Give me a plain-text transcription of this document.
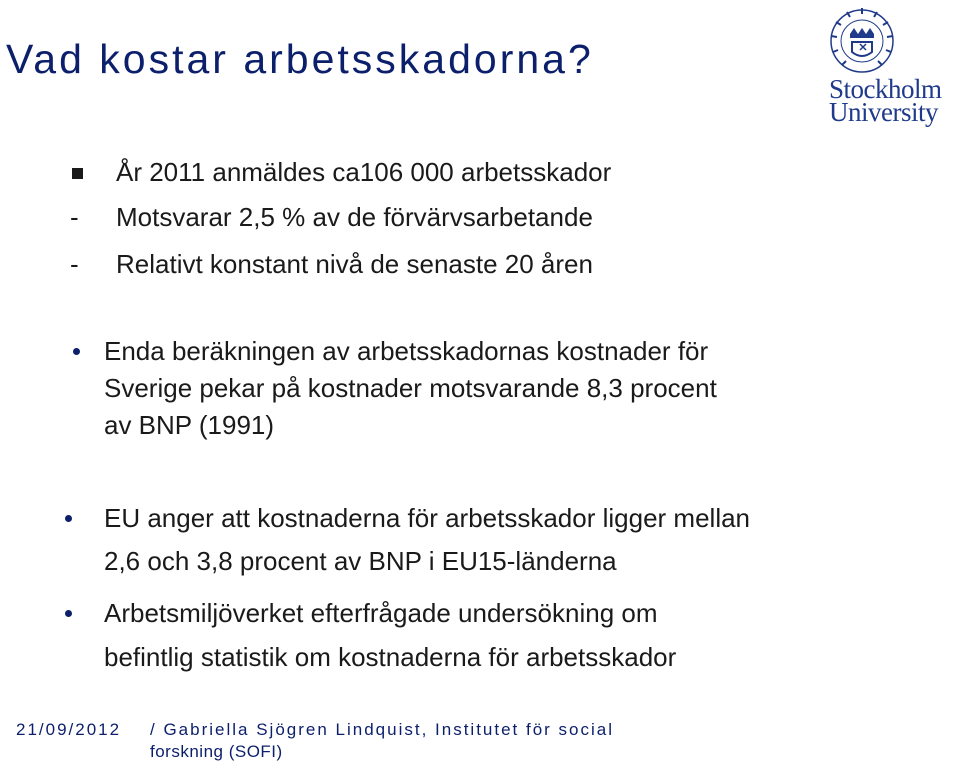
Vad kostar arbetsskadorna?
Stockholm
University
År 2011 anmäldes ca106 000 arbetsskador
- Motsvarar 2,5 % av de förvärvsarbetande
- Relativt konstant nivå de senaste 20 åren
Enda beräkningen av arbetsskadornas kostnader för
Sverige pekar på kostnader motsvarande 8,3 procent
av BNP (1991)
EU anger att kostnaderna för arbetsskador ligger mellan
2,6 och 3,8 procent av BNP i EU15-länderna
Arbetsmiljöverket efterfrågade undersökning om
befintlig statistik om kostnaderna för arbetsskador
21/09/2012 / Gabriella Sjögren Lindquist, Institutet för social
forskning (SOFI)
